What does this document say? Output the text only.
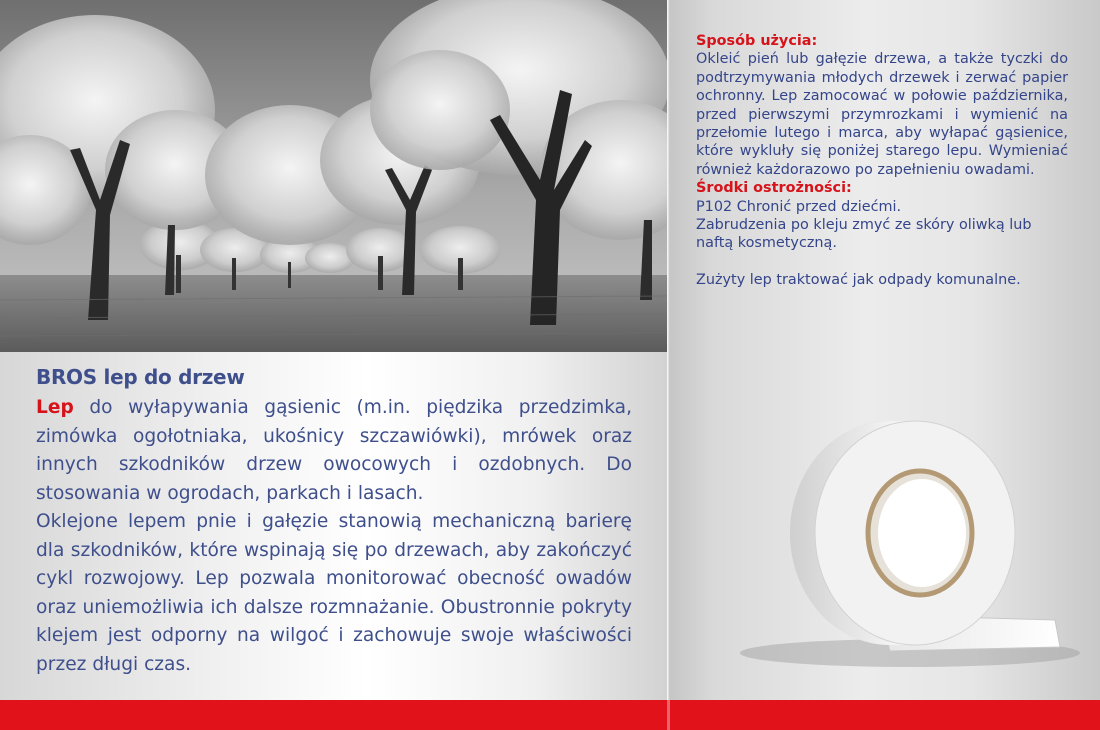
BROS lep do drzew

Lep do wyłapywania gąsienic (m.in. piędzika przedzimka, zimówka ogołotniaka, ukośnicy szczawiówki), mrówek oraz innych szkodników drzew owocowych i ozdobnych. Do stosowania w ogrodach, parkach i lasach.

Oklejone lepem pnie i gałęzie stanowią mechaniczną barierę dla szkodników, które wspinają się po drzewach, aby zakończyć cykl rozwojowy. Lep pozwala monitorować obecność owadów oraz uniemożliwia ich dalsze rozmnażanie. Obustronnie pokryty klejem jest odporny na wilgoć i zachowuje swoje właściwości przez długi czas.

Sposób użycia:

Okleić pień lub gałęzie drzewa, a także tyczki do podtrzymywania młodych drzewek i zerwać papier ochronny. Lep zamocować w połowie października, przed pierwszymi przymrozkami i wymienić na przełomie lutego i marca, aby wyłapać gąsienice, które wykluły się poniżej starego lepu. Wymieniać również każdorazowo po zapełnieniu owadami.

Środki ostrożności:

P102 Chronić przed dziećmi.

Zabrudzenia po kleju zmyć ze skóry oliwką lub naftą kosmetyczną.

Zużyty lep traktować jak odpady komunalne.
